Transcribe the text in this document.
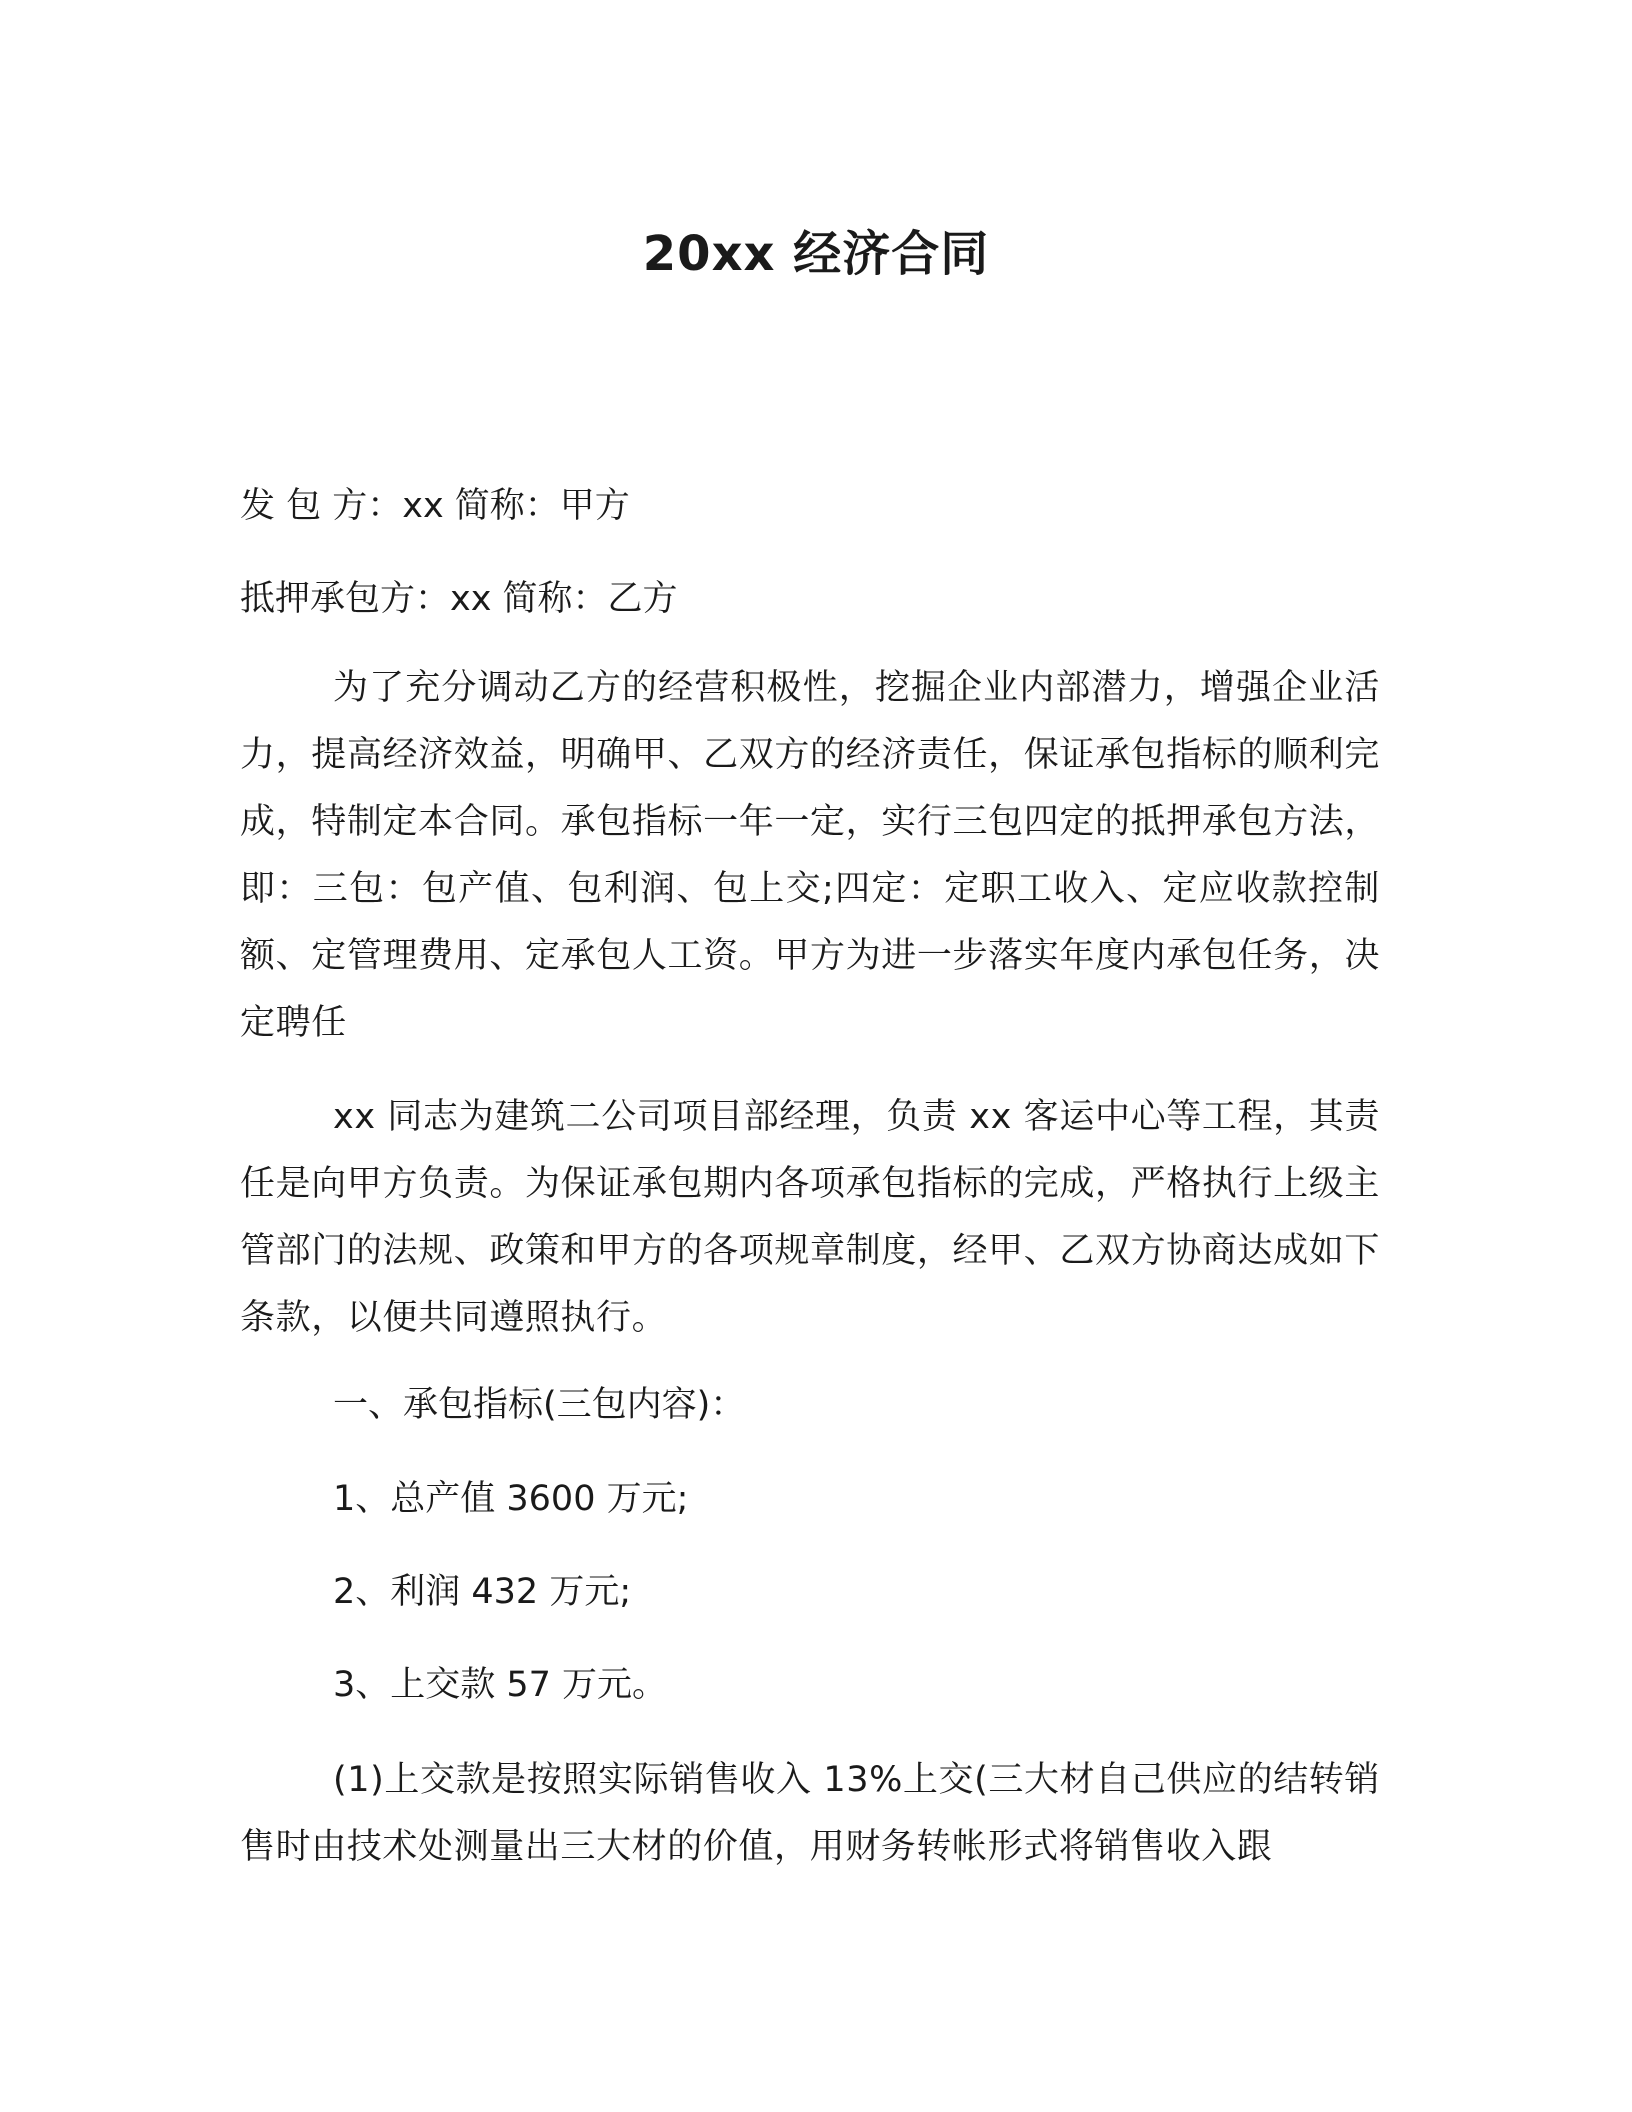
20xx 经济合同

发 包 方：xx 简称：甲方

抵押承包方：xx 简称：乙方

为了充分调动乙方的经营积极性，挖掘企业内部潜力，增强企业活力，提高经济效益，明确甲、乙双方的经济责任，保证承包指标的顺利完成，特制定本合同。承包指标一年一定，实行三包四定的抵押承包方法，即：三包：包产值、包利润、包上交;四定：定职工收入、定应收款控制额、定管理费用、定承包人工资。甲方为进一步落实年度内承包任务，决定聘任

xx 同志为建筑二公司项目部经理，负责 xx 客运中心等工程，其责任是向甲方负责。为保证承包期内各项承包指标的完成，严格执行上级主管部门的法规、政策和甲方的各项规章制度，经甲、乙双方协商达成如下条款，以便共同遵照执行。

一、承包指标(三包内容)：

1、总产值 3600 万元;

2、利润 432 万元;

3、上交款 57 万元。

(1)上交款是按照实际销售收入 13%上交(三大材自己供应的结转销售时由技术处测量出三大材的价值，用财务转帐形式将销售收入跟
